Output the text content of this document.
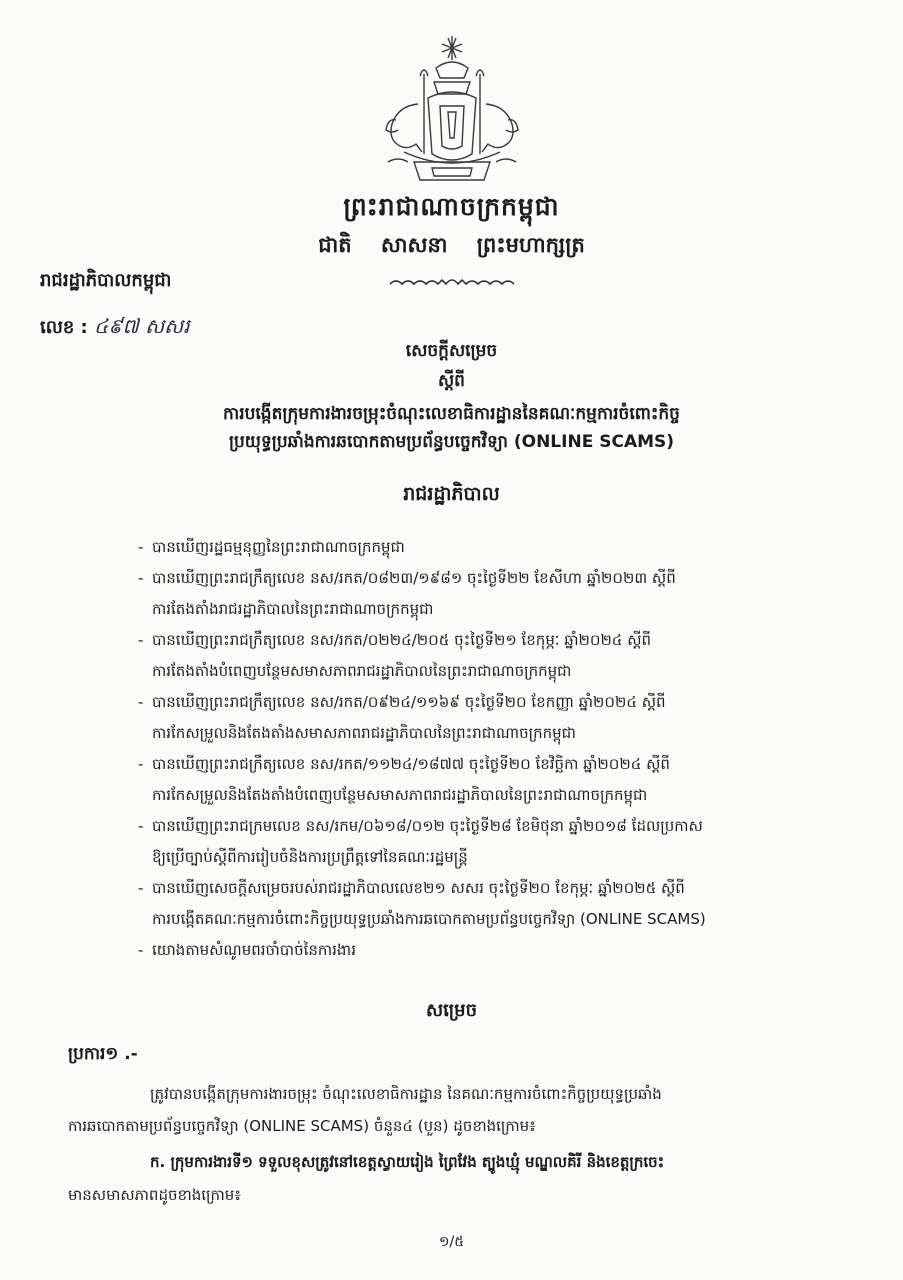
ព្រះរាជាណាចក្រកម្ពុជា
ជាតិ សាសនា ព្រះមហាក្សត្រ
រាជរដ្ឋាភិបាលកម្ពុជា
លេខ : ៤៩៧ សសរ
សេចក្តីសម្រេច
ស្តីពី
ការបង្កើតក្រុមការងារចម្រុះចំណុះលេខាធិការដ្ឋាននៃគណៈកម្មការចំពោះកិច្ច
ប្រយុទ្ធប្រឆាំងការឆបោកតាមប្រព័ន្ធបច្ចេកវិទ្យា (ONLINE SCAMS)
រាជរដ្ឋាភិបាល
- បានឃើញរដ្ឋធម្មនុញ្ញនៃព្រះរាជាណាចក្រកម្ពុជា
- បានឃើញព្រះរាជក្រឹត្យលេខ នស/រកត/០៨២៣/១៩៨១ ចុះថ្ងៃទី២២ ខែសីហា ឆ្នាំ២០២៣ ស្តីពី
ការតែងតាំងរាជរដ្ឋាភិបាលនៃព្រះរាជាណាចក្រកម្ពុជា
- បានឃើញព្រះរាជក្រឹត្យលេខ នស/រកត/០២២៤/២០៥ ចុះថ្ងៃទី២១ ខែកុម្ភៈ ឆ្នាំ២០២៤ ស្តីពី
ការតែងតាំងបំពេញបន្ថែមសមាសភាពរាជរដ្ឋាភិបាលនៃព្រះរាជាណាចក្រកម្ពុជា
- បានឃើញព្រះរាជក្រឹត្យលេខ នស/រកត/០៩២៤/១១៦៩ ចុះថ្ងៃទី២០ ខែកញ្ញា ឆ្នាំ២០២៤ ស្តីពី
ការកែសម្រួលនិងតែងតាំងសមាសភាពរាជរដ្ឋាភិបាលនៃព្រះរាជាណាចក្រកម្ពុជា
- បានឃើញព្រះរាជក្រឹត្យលេខ នស/រកត/១១២៤/១៨៧៧ ចុះថ្ងៃទី២០ ខែវិច្ឆិកា ឆ្នាំ២០២៤ ស្តីពី
ការកែសម្រួលនិងតែងតាំងបំពេញបន្ថែមសមាសភាពរាជរដ្ឋាភិបាលនៃព្រះរាជាណាចក្រកម្ពុជា
- បានឃើញព្រះរាជក្រមលេខ នស/រកម/០៦១៨/០១២ ចុះថ្ងៃទី២៨ ខែមិថុនា ឆ្នាំ២០១៨ ដែលប្រកាស
ឱ្យប្រើច្បាប់ស្តីពីការរៀបចំនិងការប្រព្រឹត្តទៅនៃគណៈរដ្ឋមន្ត្រី
- បានឃើញសេចក្តីសម្រេចរបស់រាជរដ្ឋាភិបាលលេខ២១ សសរ ចុះថ្ងៃទី២០ ខែកុម្ភៈ ឆ្នាំ២០២៥ ស្តីពី
ការបង្កើតគណៈកម្មការចំពោះកិច្ចប្រយុទ្ធប្រឆាំងការឆបោកតាមប្រព័ន្ធបច្ចេកវិទ្យា (ONLINE SCAMS)
- យោងតាមសំណូមពរចាំបាច់នៃការងារ
សម្រេច
ប្រការ១ .-
ត្រូវបានបង្កើតក្រុមការងារចម្រុះ ចំណុះលេខាធិការដ្ឋាន នៃគណៈកម្មការចំពោះកិច្ចប្រយុទ្ធប្រឆាំង
ការឆបោកតាមប្រព័ន្ធបច្ចេកវិទ្យា (ONLINE SCAMS) ចំនួន៤ (បួន) ដូចខាងក្រោម៖
ក. ក្រុមការងារទី១ ទទួលខុសត្រូវនៅខេត្តស្វាយរៀង ព្រៃវែង ត្បូងឃ្មុំ មណ្ឌលគិរី និងខេត្តក្រចេះ
មានសមាសភាពដូចខាងក្រោម៖
១/៥
